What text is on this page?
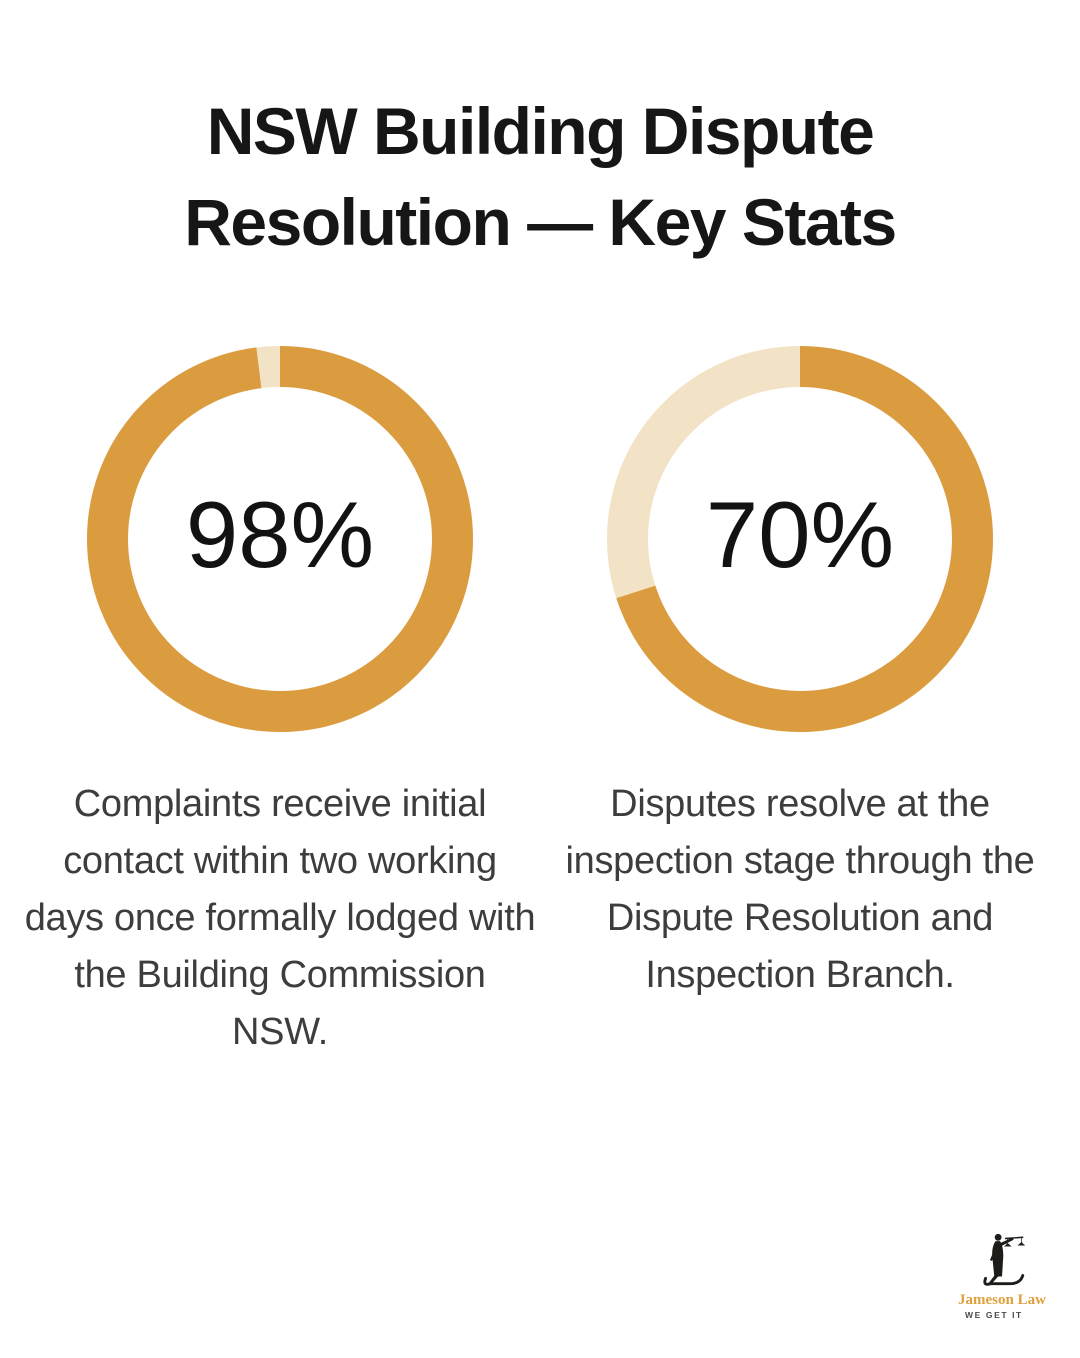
NSW Building Dispute
Resolution — Key Stats
98%

Complaints receive initial contact within two working days once formally lodged with the Building Commission NSW.

70%

Disputes resolve at the inspection stage through the Dispute Resolution and Inspection Branch.

Jameson Law
WE GET IT
